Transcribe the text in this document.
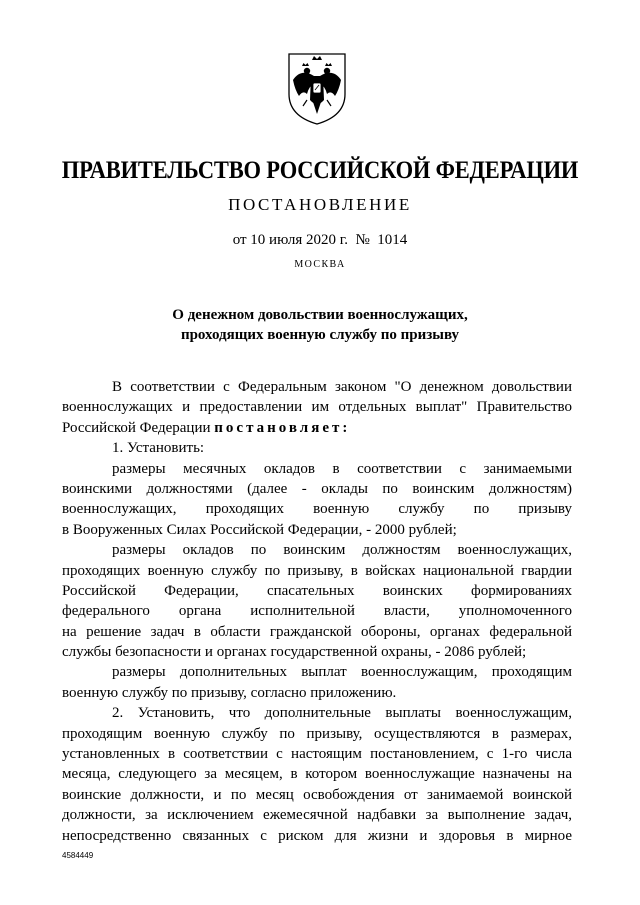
ПРАВИТЕЛЬСТВО РОССИЙСКОЙ ФЕДЕРАЦИИ
ПОСТАНОВЛЕНИЕ
от 10 июля 2020 г.  №  1014
МОСКВА
О денежном довольствии военнослужащих,
проходящих военную службу по призыву
В соответствии с Федеральным законом "О денежном довольствии
военнослужащих и предоставлении им отдельных выплат" Правительство
Российской Федерации постановляет:
1. Установить:
размеры месячных окладов в соответствии с занимаемыми
воинскими должностями (далее - оклады по воинским должностям)
военнослужащих, проходящих военную службу по призыву
в Вооруженных Силах Российской Федерации, - 2000 рублей;
размеры окладов по воинским должностям военнослужащих,
проходящих военную службу по призыву, в войсках национальной гвардии
Российской Федерации, спасательных воинских формированиях
федерального органа исполнительной власти, уполномоченного
на решение задач в области гражданской обороны, органах федеральной
службы безопасности и органах государственной охраны, - 2086 рублей;
размеры дополнительных выплат военнослужащим, проходящим
военную службу по призыву, согласно приложению.
2. Установить, что дополнительные выплаты военнослужащим,
проходящим военную службу по призыву, осуществляются в размерах,
установленных в соответствии с настоящим постановлением, с 1-го числа
месяца, следующего за месяцем, в котором военнослужащие назначены на
воинские должности, и по месяц освобождения от занимаемой воинской
должности, за исключением ежемесячной надбавки за выполнение задач,
непосредственно связанных с риском для жизни и здоровья в мирное
4584449
